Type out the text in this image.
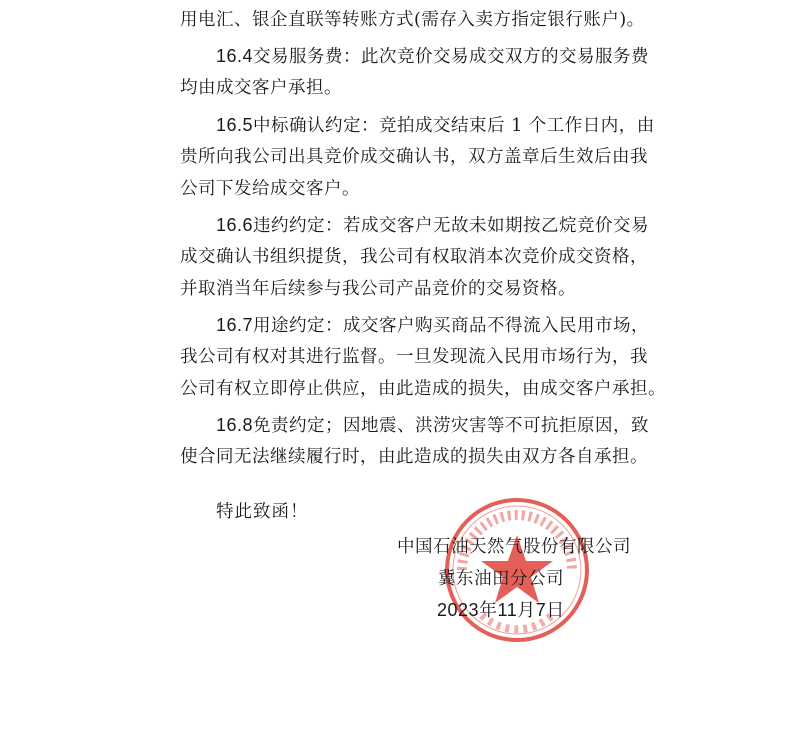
用电汇、银企直联等转账方式(需存入卖方指定银行账户)。
16.4交易服务费：此次竞价交易成交双方的交易服务费
均由成交客户承担。
16.5中标确认约定：竞拍成交结束后 1 个工作日内，由
贵所向我公司出具竞价成交确认书，双方盖章后生效后由我
公司下发给成交客户。
16.6违约约定：若成交客户无故未如期按乙烷竞价交易
成交确认书组织提货，我公司有权取消本次竞价成交资格，
并取消当年后续参与我公司产品竞价的交易资格。
16.7用途约定：成交客户购买商品不得流入民用市场，
我公司有权对其进行监督。一旦发现流入民用市场行为，我
公司有权立即停止供应，由此造成的损失，由成交客户承担。
16.8免责约定；因地震、洪涝灾害等不可抗拒原因，致
使合同无法继续履行时，由此造成的损失由双方各自承担。
特此致函！
中国石油天然气股份有限公司
冀东油田分公司
2023年11月7日
